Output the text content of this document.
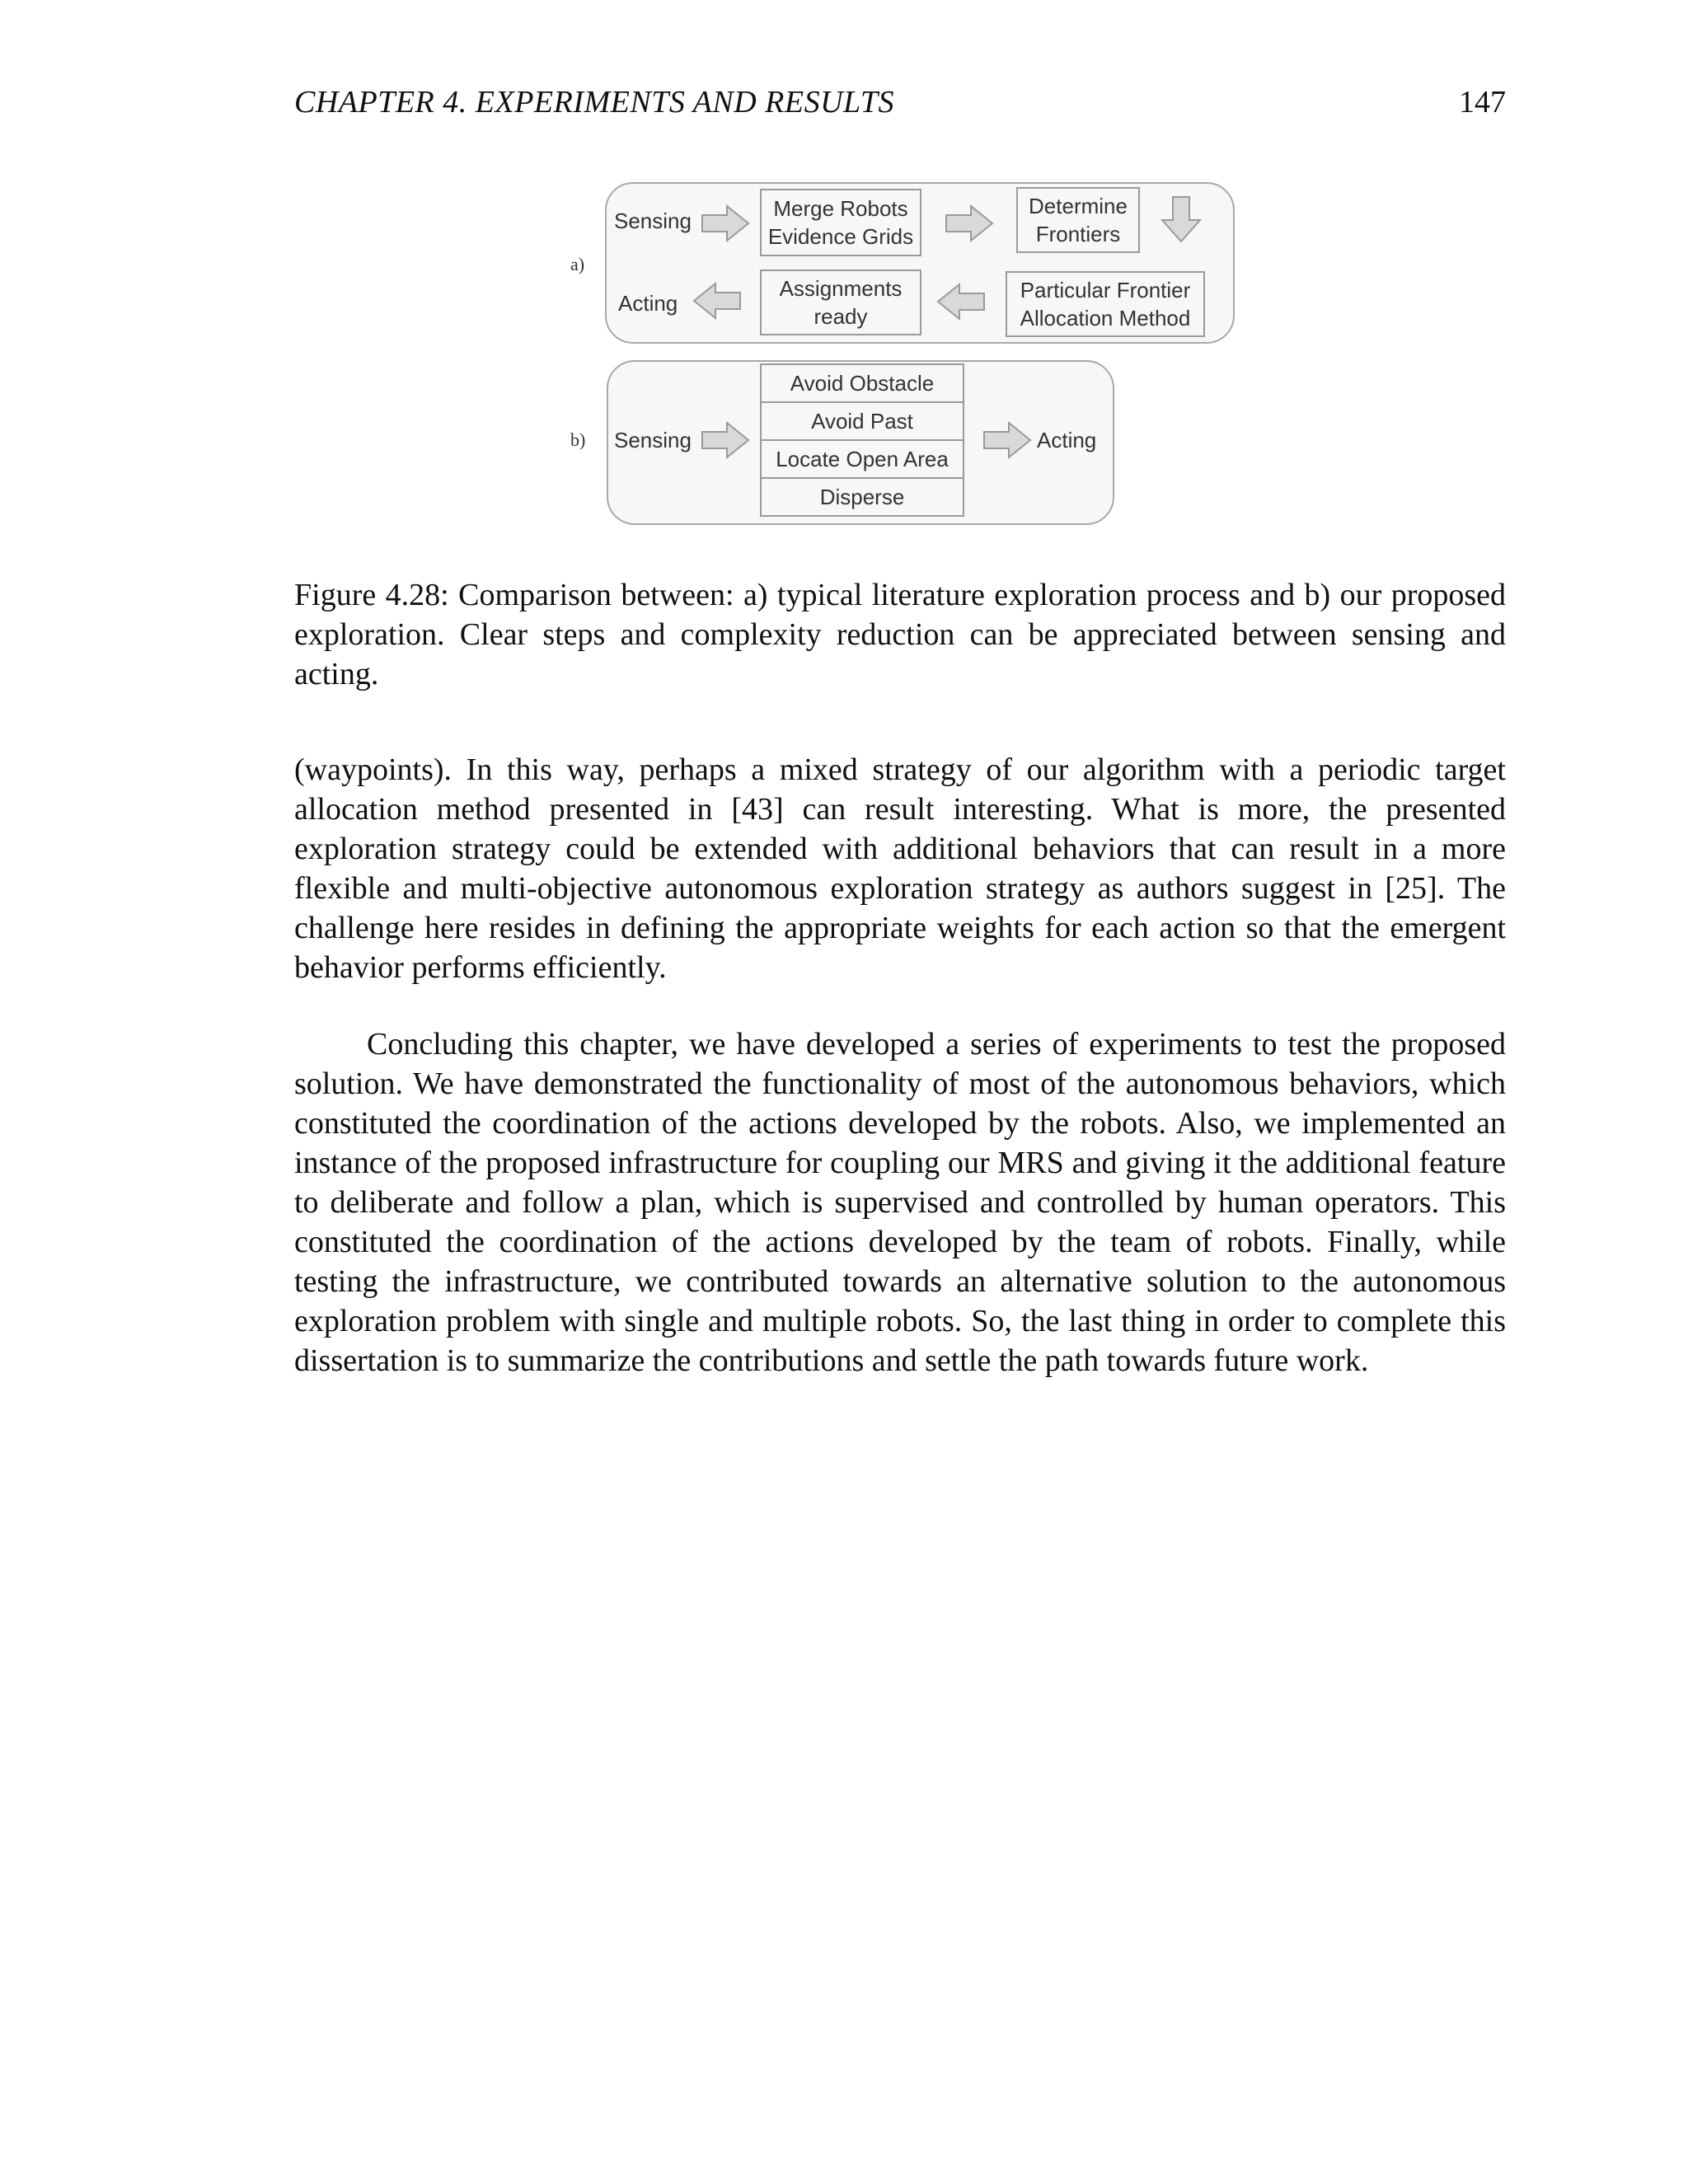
CHAPTER 4. EXPERIMENTS AND RESULTS	147
a)
Sensing	Merge Robots
Evidence Grids
Determine
Frontiers
Acting
Assignments
ready
Particular Frontier
Allocation Method
b) Sensing
Avoid Obstacle
Avoid Past
Locate Open Area
Disperse
Acting
Figure 4.28: Comparison between: a) typical literature exploration process and b) our proposed exploration. Clear steps and complexity reduction can be appreciated between sensing and acting.

(waypoints). In this way, perhaps a mixed strategy of our algorithm with a periodic target allocation method presented in [43] can result interesting. What is more, the presented exploration strategy could be extended with additional behaviors that can result in a more flexible and multi-objective autonomous exploration strategy as authors suggest in [25]. The challenge here resides in defining the appropriate weights for each action so that the emergent behavior performs efficiently.

Concluding this chapter, we have developed a series of experiments to test the proposed solution. We have demonstrated the functionality of most of the autonomous behaviors, which constituted the coordination of the actions developed by the robots. Also, we implemented an instance of the proposed infrastructure for coupling our MRS and giving it the additional feature to deliberate and follow a plan, which is supervised and controlled by human operators. This constituted the coordination of the actions developed by the team of robots. Finally, while testing the infrastructure, we contributed towards an alternative solution to the autonomous exploration problem with single and multiple robots. So, the last thing in order to complete this dissertation is to summarize the contributions and settle the path towards future work.
